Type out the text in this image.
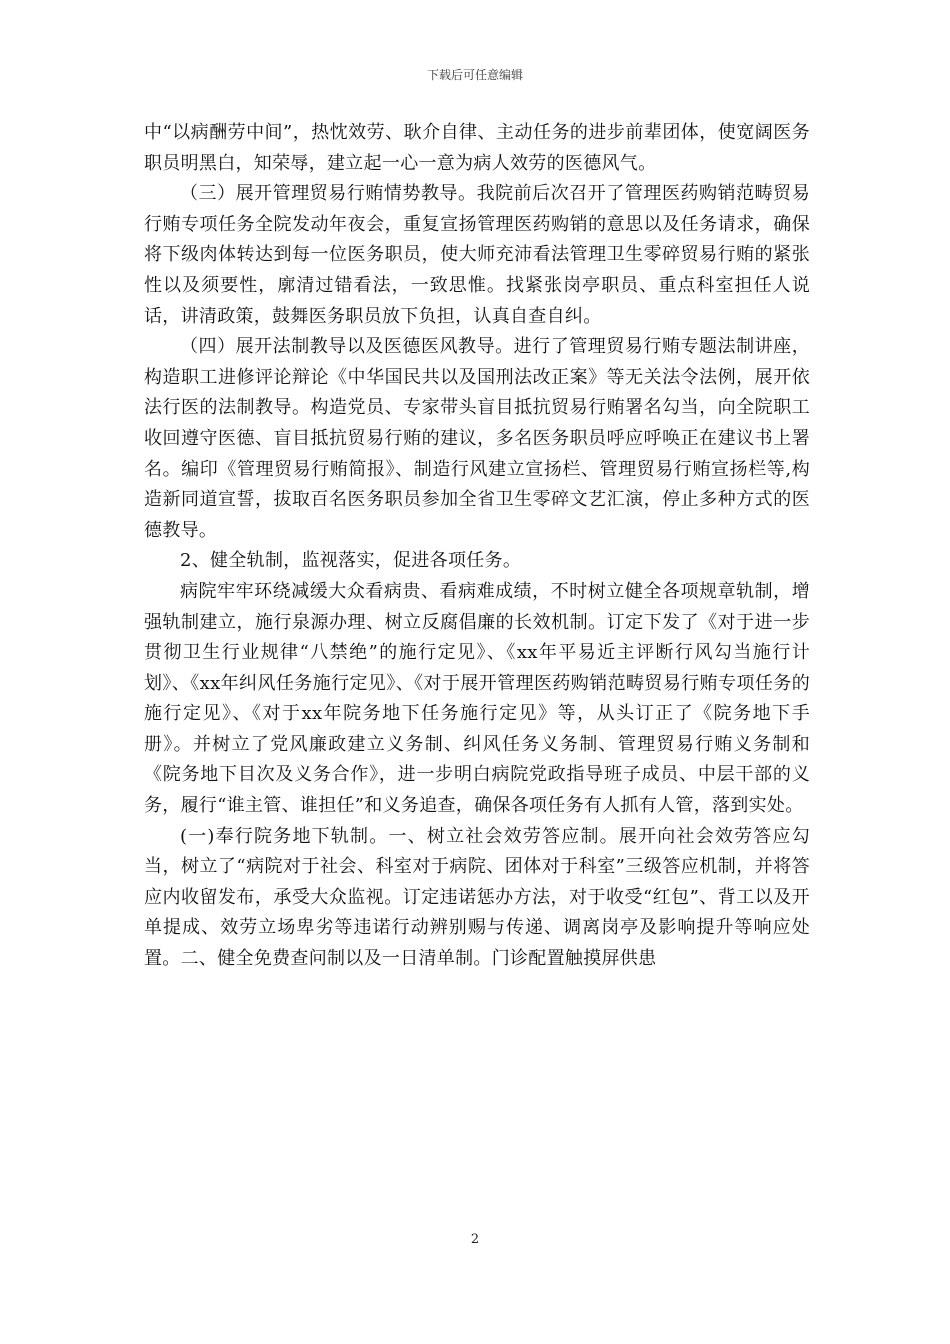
下载后可任意编辑

中“以病酬劳中间”，热忱效劳、耿介自律、主动任务的进步前辈团体，使宽阔医务职员明黑白，知荣辱，建立起一心一意为病人效劳的医德风气。

（三）展开管理贸易行贿情势教导。我院前后次召开了管理医药购销范畴贸易行贿专项任务全院发动年夜会，重复宣扬管理医药购销的意思以及任务请求，确保将下级肉体转达到每一位医务职员，使大师充沛看法管理卫生零碎贸易行贿的紧张性以及须要性，廓清过错看法，一致思惟。找紧张岗亭职员、重点科室担任人说话，讲清政策，鼓舞医务职员放下负担，认真自查自纠。

（四）展开法制教导以及医德医风教导。进行了管理贸易行贿专题法制讲座，构造职工进修评论辩论《中华国民共以及国刑法改正案》等无关法令法例，展开依法行医的法制教导。构造党员、专家带头盲目抵抗贸易行贿署名勾当，向全院职工收回遵守医德、盲目抵抗贸易行贿的建议，多名医务职员呼应呼唤正在建议书上署名。编印《管理贸易行贿简报》、制造行风建立宣扬栏、管理贸易行贿宣扬栏等,构造新同道宣誓，拔取百名医务职员参加全省卫生零碎文艺汇演，停止多种方式的医德教导。

2、健全轨制，监视落实，促进各项任务。

病院牢牢环绕减缓大众看病贵、看病难成绩，不时树立健全各项规章轨制，增强轨制建立，施行泉源办理、树立反腐倡廉的长效机制。订定下发了《对于进一步贯彻卫生行业规律“八禁绝”的施行定见》、《xx年平易近主评断行风勾当施行计划》、《xx年纠风任务施行定见》、《对于展开管理医药购销范畴贸易行贿专项任务的施行定见》、《对于xx年院务地下任务施行定见》等，从头订正了《院务地下手册》。并树立了党风廉政建立义务制、纠风任务义务制、管理贸易行贿义务制和《院务地下目次及义务合作》，进一步明白病院党政指导班子成员、中层干部的义务，履行“谁主管、谁担任”和义务追查，确保各项任务有人抓有人管，落到实处。

(一)奉行院务地下轨制。一、树立社会效劳答应制。展开向社会效劳答应勾当，树立了“病院对于社会、科室对于病院、团体对于科室”三级答应机制，并将答应内收留发布，承受大众监视。订定违诺惩办方法，对于收受“红包”、背工以及开单提成、效劳立场卑劣等违诺行动辨别赐与传递、调离岗亭及影响提升等响应处置。二、健全免费查问制以及一日清单制。门诊配置触摸屏供患

2
